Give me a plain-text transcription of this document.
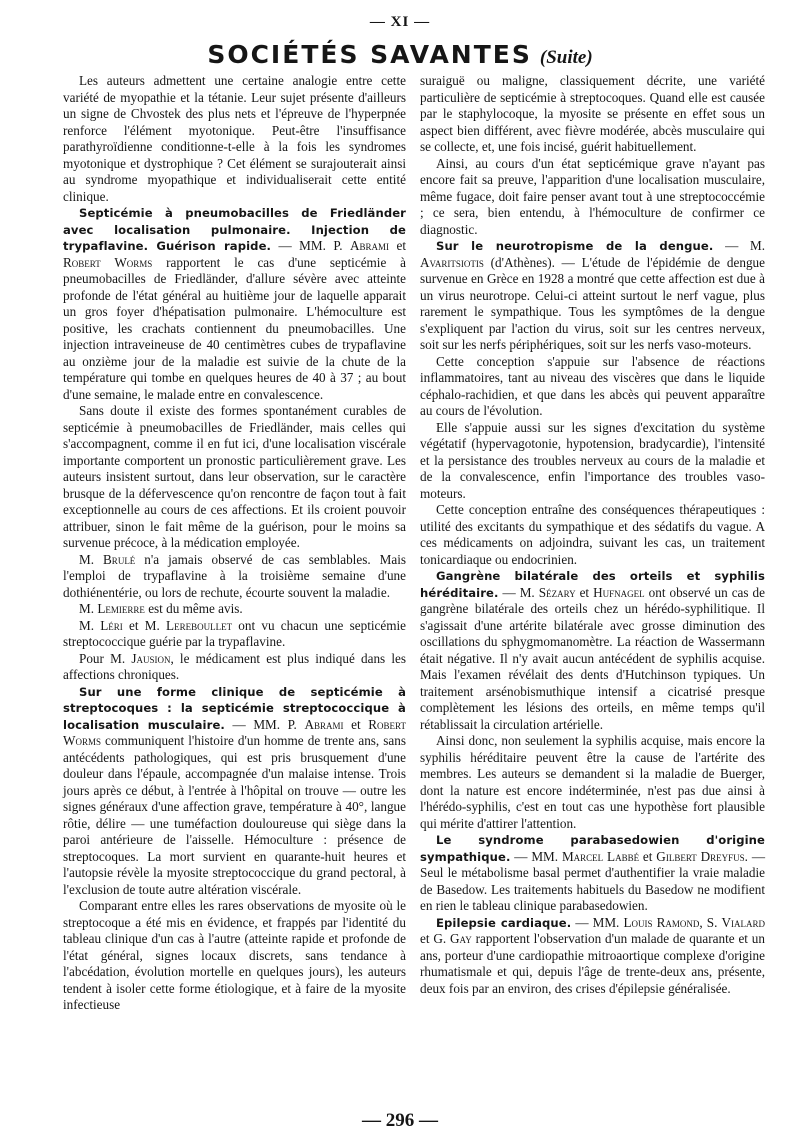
— XI —
SOCIÉTÉS SAVANTES (Suite)
Les auteurs admettent une certaine analogie entre cette variété de myopathie et la tétanie. Leur sujet présente d'ailleurs un signe de Chvostek des plus nets et l'épreuve de l'hyperpnée renforce l'élément myotonique. Peut-être l'insuffisance parathyroïdienne conditionne-t-elle à la fois les syndromes myotonique et dystrophique ? Cet élément se surajouterait ainsi au syndrome myopathique et individualiserait cette entité clinique.
Septicémie à pneumobacilles de Friedländer avec localisation pulmonaire. Injection de trypaflavine. Guérison rapide. — MM. P. Abrami et Robert Worms rapportent le cas d'une septicémie à pneumobacilles de Friedländer, d'allure sévère avec atteinte profonde de l'état général au huitième jour de laquelle apparait un gros foyer d'hépatisation pulmonaire. L'hémoculture est positive, les crachats contiennent du pneumobacilles. Une injection intraveineuse de 40 centimètres cubes de trypaflavine au onzième jour de la maladie est suivie de la chute de la température qui tombe en quelques heures de 40 à 37 ; au bout d'une semaine, le malade entre en convalescence.
Sans doute il existe des formes spontanément curables de septicémie à pneumobacilles de Friedländer, mais celles qui s'accompagnent, comme il en fut ici, d'une localisation viscérale importante comportent un pronostic particulièrement grave. Les auteurs insistent surtout, dans leur observation, sur le caractère brusque de la défervescence qu'on rencontre de façon tout à fait exceptionnelle au cours de ces affections. Et ils croient pouvoir attribuer, sinon le fait même de la guérison, pour le moins sa survenue précoce, à la médication employée.
M. Brulé n'a jamais observé de cas semblables. Mais l'emploi de trypaflavine à la troisième semaine d'une dothiénentérie, ou lors de rechute, écourte souvent la maladie.
M. Lemierre est du même avis.
M. Léri et M. Lereboullet ont vu chacun une septicémie streptococcique guérie par la trypaflavine.
Pour M. Jausion, le médicament est plus indiqué dans les affections chroniques.
Sur une forme clinique de septicémie à streptocoques : la septicémie streptococcique à localisation musculaire. — MM. P. Abrami et Robert Worms communiquent l'histoire d'un homme de trente ans, sans antécédents pathologiques, qui est pris brusquement d'une douleur dans l'épaule, accompagnée d'un malaise intense. Trois jours après ce début, à l'entrée à l'hôpital on trouve — outre les signes généraux d'une affection grave, température à 40°, langue rôtie, délire — une tuméfaction douloureuse qui siège dans la paroi antérieure de l'aisselle. Hémoculture : présence de streptocoques. La mort survient en quarante-huit heures et l'autopsie révèle la myosite streptococcique du grand pectoral, à l'exclusion de toute autre altération viscérale.
Comparant entre elles les rares observations de myosite où le streptocoque a été mis en évidence, et frappés par l'identité du tableau clinique d'un cas à l'autre (atteinte rapide et profonde de l'état général, signes locaux discrets, sans tendance à l'abcédation, évolution mortelle en quelques jours), les auteurs tendent à isoler cette forme étiologique, et à faire de la myosite infectieuse
suraiguë ou maligne, classiquement décrite, une variété particulière de septicémie à streptocoques. Quand elle est causée par le staphylocoque, la myosite se présente en effet sous un aspect bien différent, avec fièvre modérée, abcès musculaire qui se collecte, et, une fois incisé, guérit habituellement.
Ainsi, au cours d'un état septicémique grave n'ayant pas encore fait sa preuve, l'apparition d'une localisation musculaire, même fugace, doit faire penser avant tout à une streptococcémie ; ce sera, bien entendu, à l'hémoculture de confirmer ce diagnostic.
Sur le neurotropisme de la dengue. — M. Avaritsiotis (d'Athènes). — L'étude de l'épidémie de dengue survenue en Grèce en 1928 a montré que cette affection est due à un virus neurotrope. Celui-ci atteint surtout le nerf vague, plus rarement le sympathique. Tous les symptômes de la dengue s'expliquent par l'action du virus, soit sur les centres nerveux, soit sur les nerfs périphériques, soit sur les nerfs vaso-moteurs.
Cette conception s'appuie sur l'absence de réactions inflammatoires, tant au niveau des viscères que dans le liquide céphalo-rachidien, et que dans les abcès qui peuvent apparaître au cours de l'évolution.
Elle s'appuie aussi sur les signes d'excitation du système végétatif (hypervagotonie, hypotension, bradycardie), l'intensité et la persistance des troubles nerveux au cours de la maladie et de la convalescence, enfin l'importance des troubles vaso-moteurs.
Cette conception entraîne des conséquences thérapeutiques : utilité des excitants du sympathique et des sédatifs du vague. A ces médicaments on adjoindra, suivant les cas, un traitement tonicardiaque ou endocrinien.
Gangrène bilatérale des orteils et syphilis héréditaire. — M. Sézary et Hufnagel ont observé un cas de gangrène bilatérale des orteils chez un hérédo-syphilitique. Il s'agissait d'une artérite bilatérale avec grosse diminution des oscillations du sphygmomanomètre. La réaction de Wassermann était négative. Il n'y avait aucun antécédent de syphilis acquise. Mais l'examen révélait des dents d'Hutchinson typiques. Un traitement arsénobismuthique intensif a cicatrisé presque complètement les lésions des orteils, en même temps qu'il rétablissait la circulation artérielle.
Ainsi donc, non seulement la syphilis acquise, mais encore la syphilis héréditaire peuvent être la cause de l'artérite des membres. Les auteurs se demandent si la maladie de Buerger, dont la nature est encore indéterminée, n'est pas due ainsi à l'hérédo-syphilis, c'est en tout cas une hypothèse fort plausible qui mérite d'attirer l'attention.
Le syndrome parabasedowien d'origine sympathique. — MM. Marcel Labbé et Gilbert Dreyfus. — Seul le métabolisme basal permet d'authentifier la vraie maladie de Basedow. Les traitements habituels du Basedow ne modifient en rien le tableau clinique parabasedowien.
Epilepsie cardiaque. — MM. Louis Ramond, S. Vialard et G. Gay rapportent l'observation d'un malade de quarante et un ans, porteur d'une cardiopathie mitroaortique complexe d'origine rhumatismale et qui, depuis l'âge de trente-deux ans, présente, deux fois par an environ, des crises d'épilepsie généralisée.
— 296 —
